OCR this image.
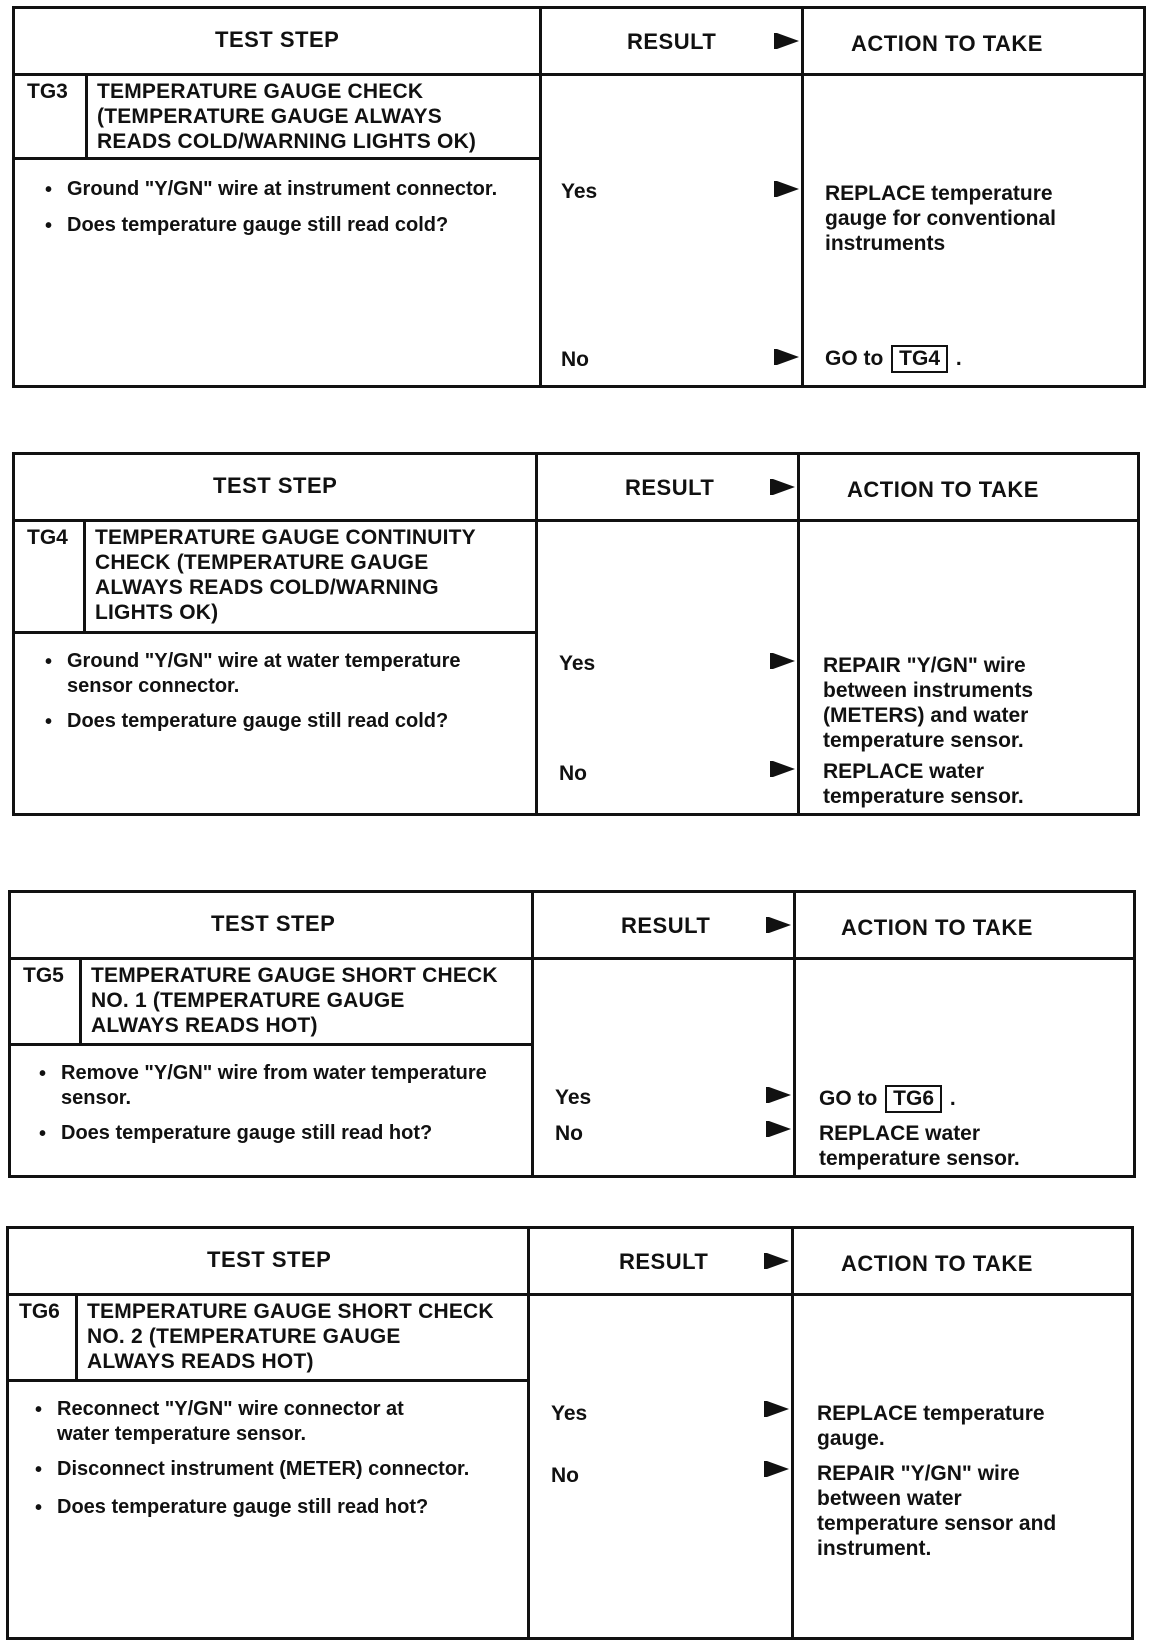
TEST STEP	RESULT	ACTION TO TAKE
TG3 TEMPERATURE GAUGE CHECK
(TEMPERATURE GAUGE ALWAYS
READS COLD/WARNING LIGHTS OK)
• Ground "Y/GN" wire at instrument connector.
• Does temperature gauge still read cold?
Yes	REPLACE temperature
gauge for conventional
instruments
No	GO to TG4 .
TEST STEP	RESULT	ACTION TO TAKE
TG4 TEMPERATURE GAUGE CONTINUITY
CHECK (TEMPERATURE GAUGE
ALWAYS READS COLD/WARNING
LIGHTS OK)
• Ground "Y/GN" wire at water temperature
sensor connector.
• Does temperature gauge still read cold?
Yes	REPAIR "Y/GN" wire
between instruments
(METERS) and water
temperature sensor.
No	REPLACE water
temperature sensor.
TEST STEP	RESULT	ACTION TO TAKE
TG5 TEMPERATURE GAUGE SHORT CHECK
NO. 1 (TEMPERATURE GAUGE
ALWAYS READS HOT)
• Remove "Y/GN" wire from water temperature
sensor.
• Does temperature gauge still read hot?
Yes	GO to TG6 .
No	REPLACE water
temperature sensor.
TEST STEP	RESULT	ACTION TO TAKE
TG6 TEMPERATURE GAUGE SHORT CHECK
NO. 2 (TEMPERATURE GAUGE
ALWAYS READS HOT)
• Reconnect "Y/GN" wire connector at
water temperature sensor.
• Disconnect instrument (METER) connector.
• Does temperature gauge still read hot?
Yes	REPLACE temperature
gauge.
No	REPAIR "Y/GN" wire
between water
temperature sensor and
instrument.
